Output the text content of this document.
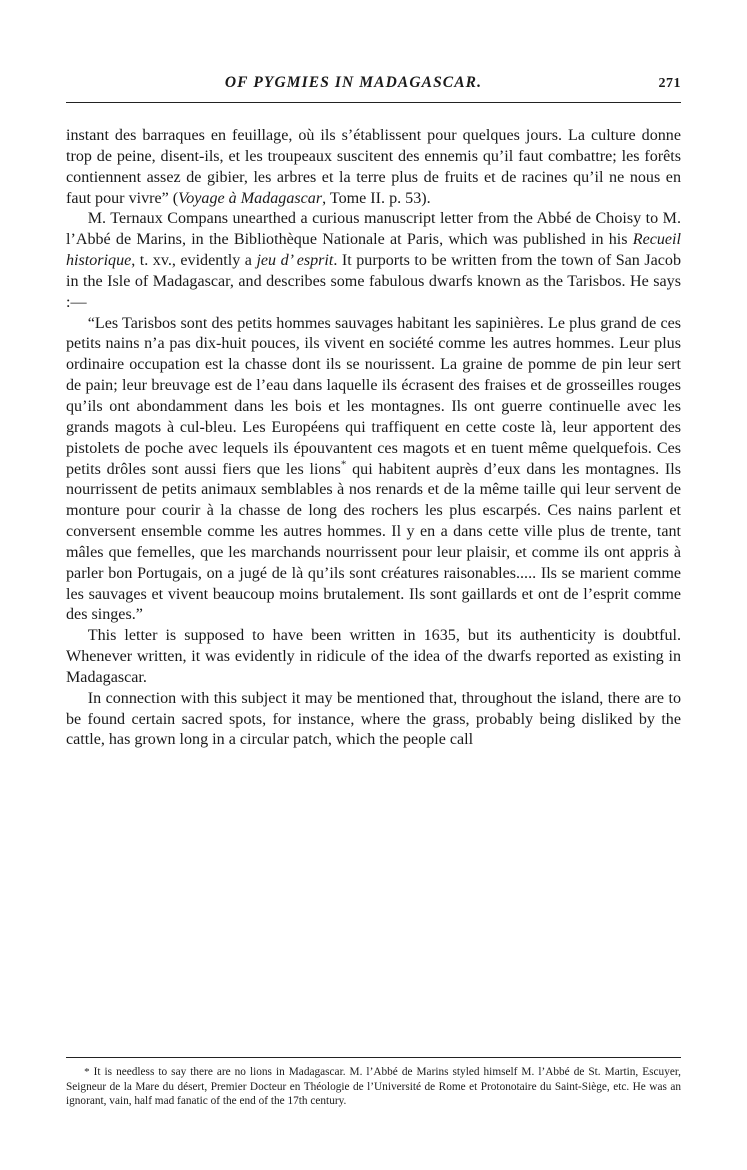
OF PYGMIES IN MADAGASCAR.	271

instant des barraques en feuillage, où ils s’établissent pour quelques jours. La culture donne trop de peine, disent-ils, et les troupeaux suscitent des ennemis qu’il faut combattre; les forêts contiennent assez de gibier, les arbres et la terre plus de fruits et de racines qu’il ne nous en faut pour vivre” (Voyage à Madagascar, Tome II. p. 53).

M. Ternaux Compans unearthed a curious manuscript letter from the Abbé de Choisy to M. l’Abbé de Marins, in the Bibliothèque Nationale at Paris, which was published in his Recueil historique, t. xv., evidently a jeu d’ esprit. It purports to be written from the town of San Jacob in the Isle of Madagascar, and describes some fabulous dwarfs known as the Tarisbos. He says :—

“Les Tarisbos sont des petits hommes sauvages habitant les sapinières. Le plus grand de ces petits nains n’a pas dix-huit pouces, ils vivent en société comme les autres hommes. Leur plus ordinaire occupation est la chasse dont ils se nourissent. La graine de pomme de pin leur sert de pain; leur breuvage est de l’eau dans laquelle ils écrasent des fraises et de grosseilles rouges qu’ils ont abondamment dans les bois et les montagnes. Ils ont guerre continuelle avec les grands magots à cul-bleu. Les Européens qui traffiquent en cette coste là, leur apportent des pistolets de poche avec lequels ils épouvantent ces magots et en tuent même quelquefois. Ces petits drôles sont aussi fiers que les lions* qui habitent auprès d’eux dans les montagnes. Ils nourrissent de petits animaux semblables à nos renards et de la même taille qui leur servent de monture pour courir à la chasse de long des rochers les plus escarpés. Ces nains parlent et conversent ensemble comme les autres hommes. Il y en a dans cette ville plus de trente, tant mâles que femelles, que les marchands nourrissent pour leur plaisir, et comme ils ont appris à parler bon Portugais, on a jugé de là qu’ils sont créatures raisonables..... Ils se marient comme les sauvages et vivent beaucoup moins brutalement. Ils sont gaillards et ont de l’esprit comme des singes.”

This letter is supposed to have been written in 1635, but its authenticity is doubtful. Whenever written, it was evidently in ridicule of the idea of the dwarfs reported as existing in Madagascar.

In connection with this subject it may be mentioned that, throughout the island, there are to be found certain sacred spots, for instance, where the grass, probably being disliked by the cattle, has grown long in a circular patch, which the people call

* It is needless to say there are no lions in Madagascar. M. l’Abbé de Marins styled himself M. l’Abbé de St. Martin, Escuyer, Seigneur de la Mare du désert, Premier Docteur en Théologie de l’Université de Rome et Protonotaire du Saint-Siège, etc. He was an ignorant, vain, half mad fanatic of the end of the 17th century.
